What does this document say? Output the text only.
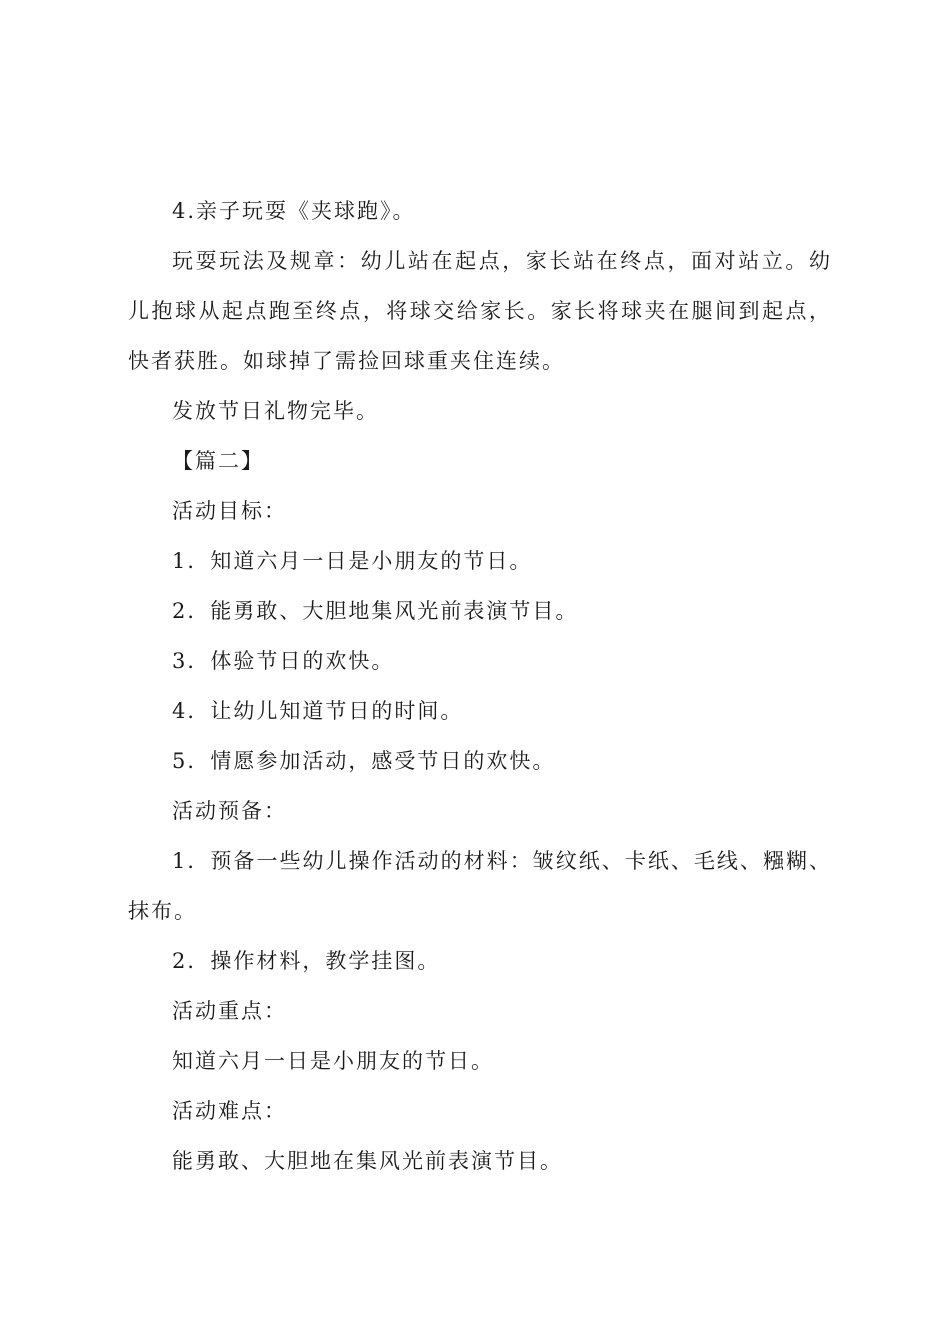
4.亲子玩耍《夹球跑》。

玩耍玩法及规章：幼儿站在起点，家长站在终点，面对站立。幼儿抱球从起点跑至终点，将球交给家长。家长将球夹在腿间到起点，快者获胜。如球掉了需捡回球重夹住连续。

发放节日礼物完毕。

【篇二】

活动目标：

1．知道六月一日是小朋友的节日。

2．能勇敢、大胆地集风光前表演节目。

3．体验节日的欢快。

4．让幼儿知道节日的时间。

5．情愿参加活动，感受节日的欢快。

活动预备：

1．预备一些幼儿操作活动的材料：皱纹纸、卡纸、毛线、糨糊、抹布。

2．操作材料，教学挂图。

活动重点：

知道六月一日是小朋友的节日。

活动难点：

能勇敢、大胆地在集风光前表演节目。
